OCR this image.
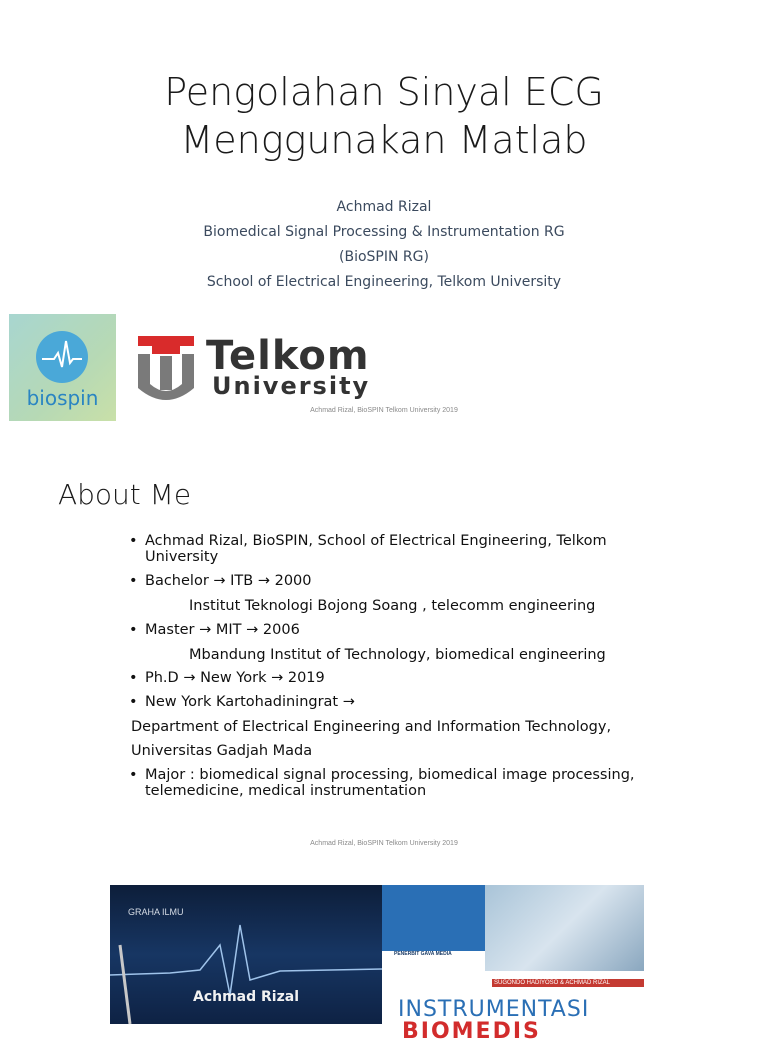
Pengolahan Sinyal ECG
Menggunakan Matlab
Achmad Rizal
Biomedical Signal Processing & Instrumentation RG
(BioSPIN RG)
School of Electrical Engineering, Telkom University
biospin
Telkom
University
Achmad Rizal, BioSPIN Telkom University 2019
About Me
• Achmad Rizal, BioSPIN, School of Electrical Engineering, Telkom
University
• Bachelor → ITB → 2000
Institut Teknologi Bojong Soang , telecomm engineering
• Master → MIT → 2006
Mbandung Institut of Technology, biomedical engineering
• Ph.D → New York → 2019
• New York Kartohadiningrat →
Department of Electrical Engineering and Information Technology,
Universitas Gadjah Mada
• Major : biomedical signal processing, biomedical image processing,
telemedicine, medical instrumentation
Achmad Rizal, BioSPIN Telkom University 2019
GRAHA ILMU
Achmad Rizal
PENERBIT GAVA MEDIA
SUGONDO HADIYOSO & ACHMAD RIZAL
INSTRUMENTASI
BIOMEDIS
